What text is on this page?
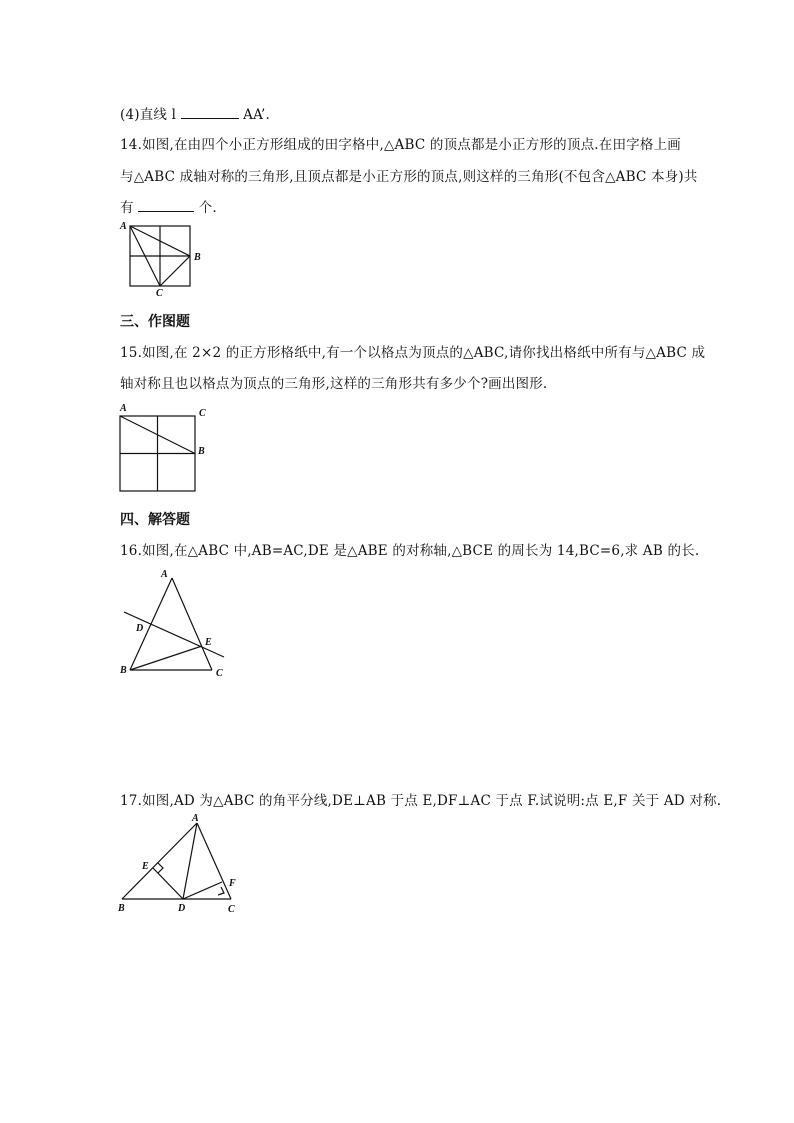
(4)直线 l	AA’.
14.如图,在由四个小正方形组成的田字格中,△ABC 的顶点都是小正方形的顶点.在田字格上画
与△ABC 成轴对称的三角形,且顶点都是小正方形的顶点,则这样的三角形(不包含△ABC 本身)共
有	个.
A
B
C
三、作图题
15.如图,在 2×2 的正方形格纸中,有一个以格点为顶点的△ABC,请你找出格纸中所有与△ABC 成
轴对称且也以格点为顶点的三角形,这样的三角形共有多少个?画出图形.
A	C
B
四、解答题
16.如图,在△ABC 中,AB=AC,DE 是△ABE 的对称轴,△BCE 的周长为 14,BC=6,求 AB 的长.
A
D
E
B	C
17.如图,AD 为△ABC 的角平分线,DE⊥AB 于点 E,DF⊥AC 于点 F.试说明:点 E,F 关于 AD 对称.
A
E
F
B	D	C
